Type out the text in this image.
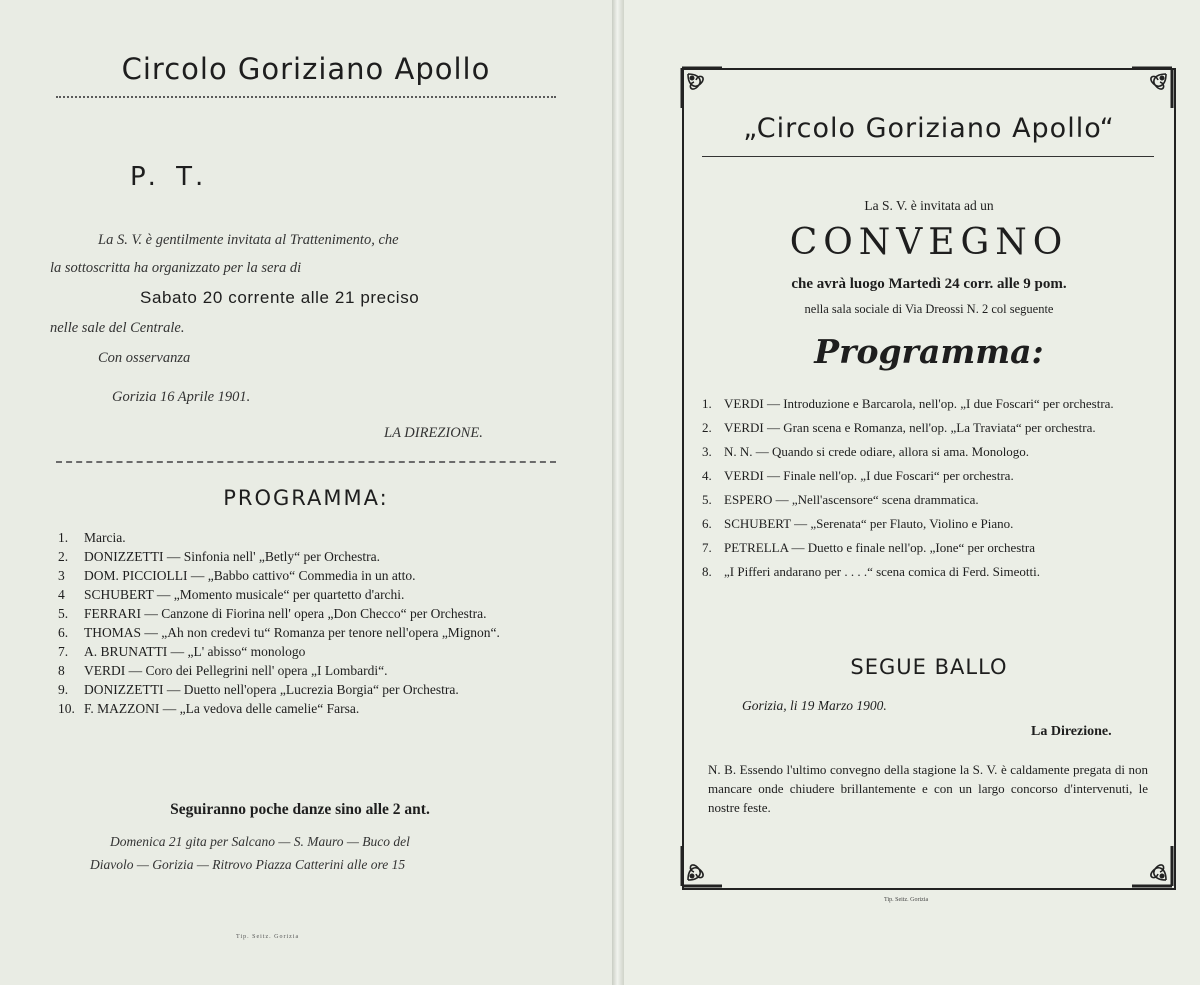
Circolo Goriziano Apollo
P. T.
La S. V. è gentilmente invitata al Trattenimento, che
la sottoscritta ha organizzato per la sera di
Sabato 20 corrente alle 21 preciso
nelle sale del Centrale.
Con osservanza
Gorizia 16 Aprile 1901.
LA DIREZIONE.
PROGRAMMA:
1.	Marcia.
2.	DONIZZETTI — Sinfonia nell' „Betly“ per Orchestra.
3	DOM. PICCIOLLI — „Babbo cattivo“ Commedia in un atto.
4	SCHUBERT — „Momento musicale“ per quartetto d'archi.
5.	FERRARI — Canzone di Fiorina nell' opera „Don Checco“ per Orchestra.
6.	THOMAS — „Ah non credevi tu“ Romanza per tenore nell'opera „Mignon“.
7.	A. BRUNATTI — „L' abisso“ monologo
8	VERDI — Coro dei Pellegrini nell' opera „I Lombardi“.
9.	DONIZZETTI — Duetto nell'opera „Lucrezia Borgia“ per Orchestra.
10. F. MAZZONI — „La vedova delle camelie“ Farsa.
Seguiranno poche danze sino alle 2 ant.
Domenica 21 gita per Salcano — S. Mauro — Buco del
Diavolo — Gorizia — Ritrovo Piazza Catterini alle ore 15
Tip. Seitz. Gorizia
„Circolo Goriziano Apollo“
La S. V. è invitata ad un
CONVEGNO
che avrà luogo Martedì 24 corr. alle 9 pom.
nella sala sociale di Via Dreossi N. 2 col seguente
Programma:
1. VERDI — Introduzione e Barcarola, nell'op. „I due Foscari“ per orchestra.
2. VERDI — Gran scena e Romanza, nell'op. „La Traviata“ per orchestra.
3. N. N. — Quando si crede odiare, allora si ama. Monologo.
4. VERDI — Finale nell'op. „I due Foscari“ per orchestra.
5. ESPERO — „Nell'ascensore“ scena drammatica.
6. SCHUBERT — „Serenata“ per Flauto, Violino e Piano.
7. PETRELLA — Duetto e finale nell'op. „Ione“ per orchestra
8. „I Pifferi andarano per . . . .“ scena comica di Ferd. Simeotti.
SEGUE BALLO
Gorizia, li 19 Marzo 1900.
La Direzione.
N. B. Essendo l'ultimo convegno della stagione la S. V. è caldamente pregata di non mancare onde chiudere brillantemente e con un largo concorso d'intervenuti, le nostre feste.
Tip. Seitz. Gorizia
